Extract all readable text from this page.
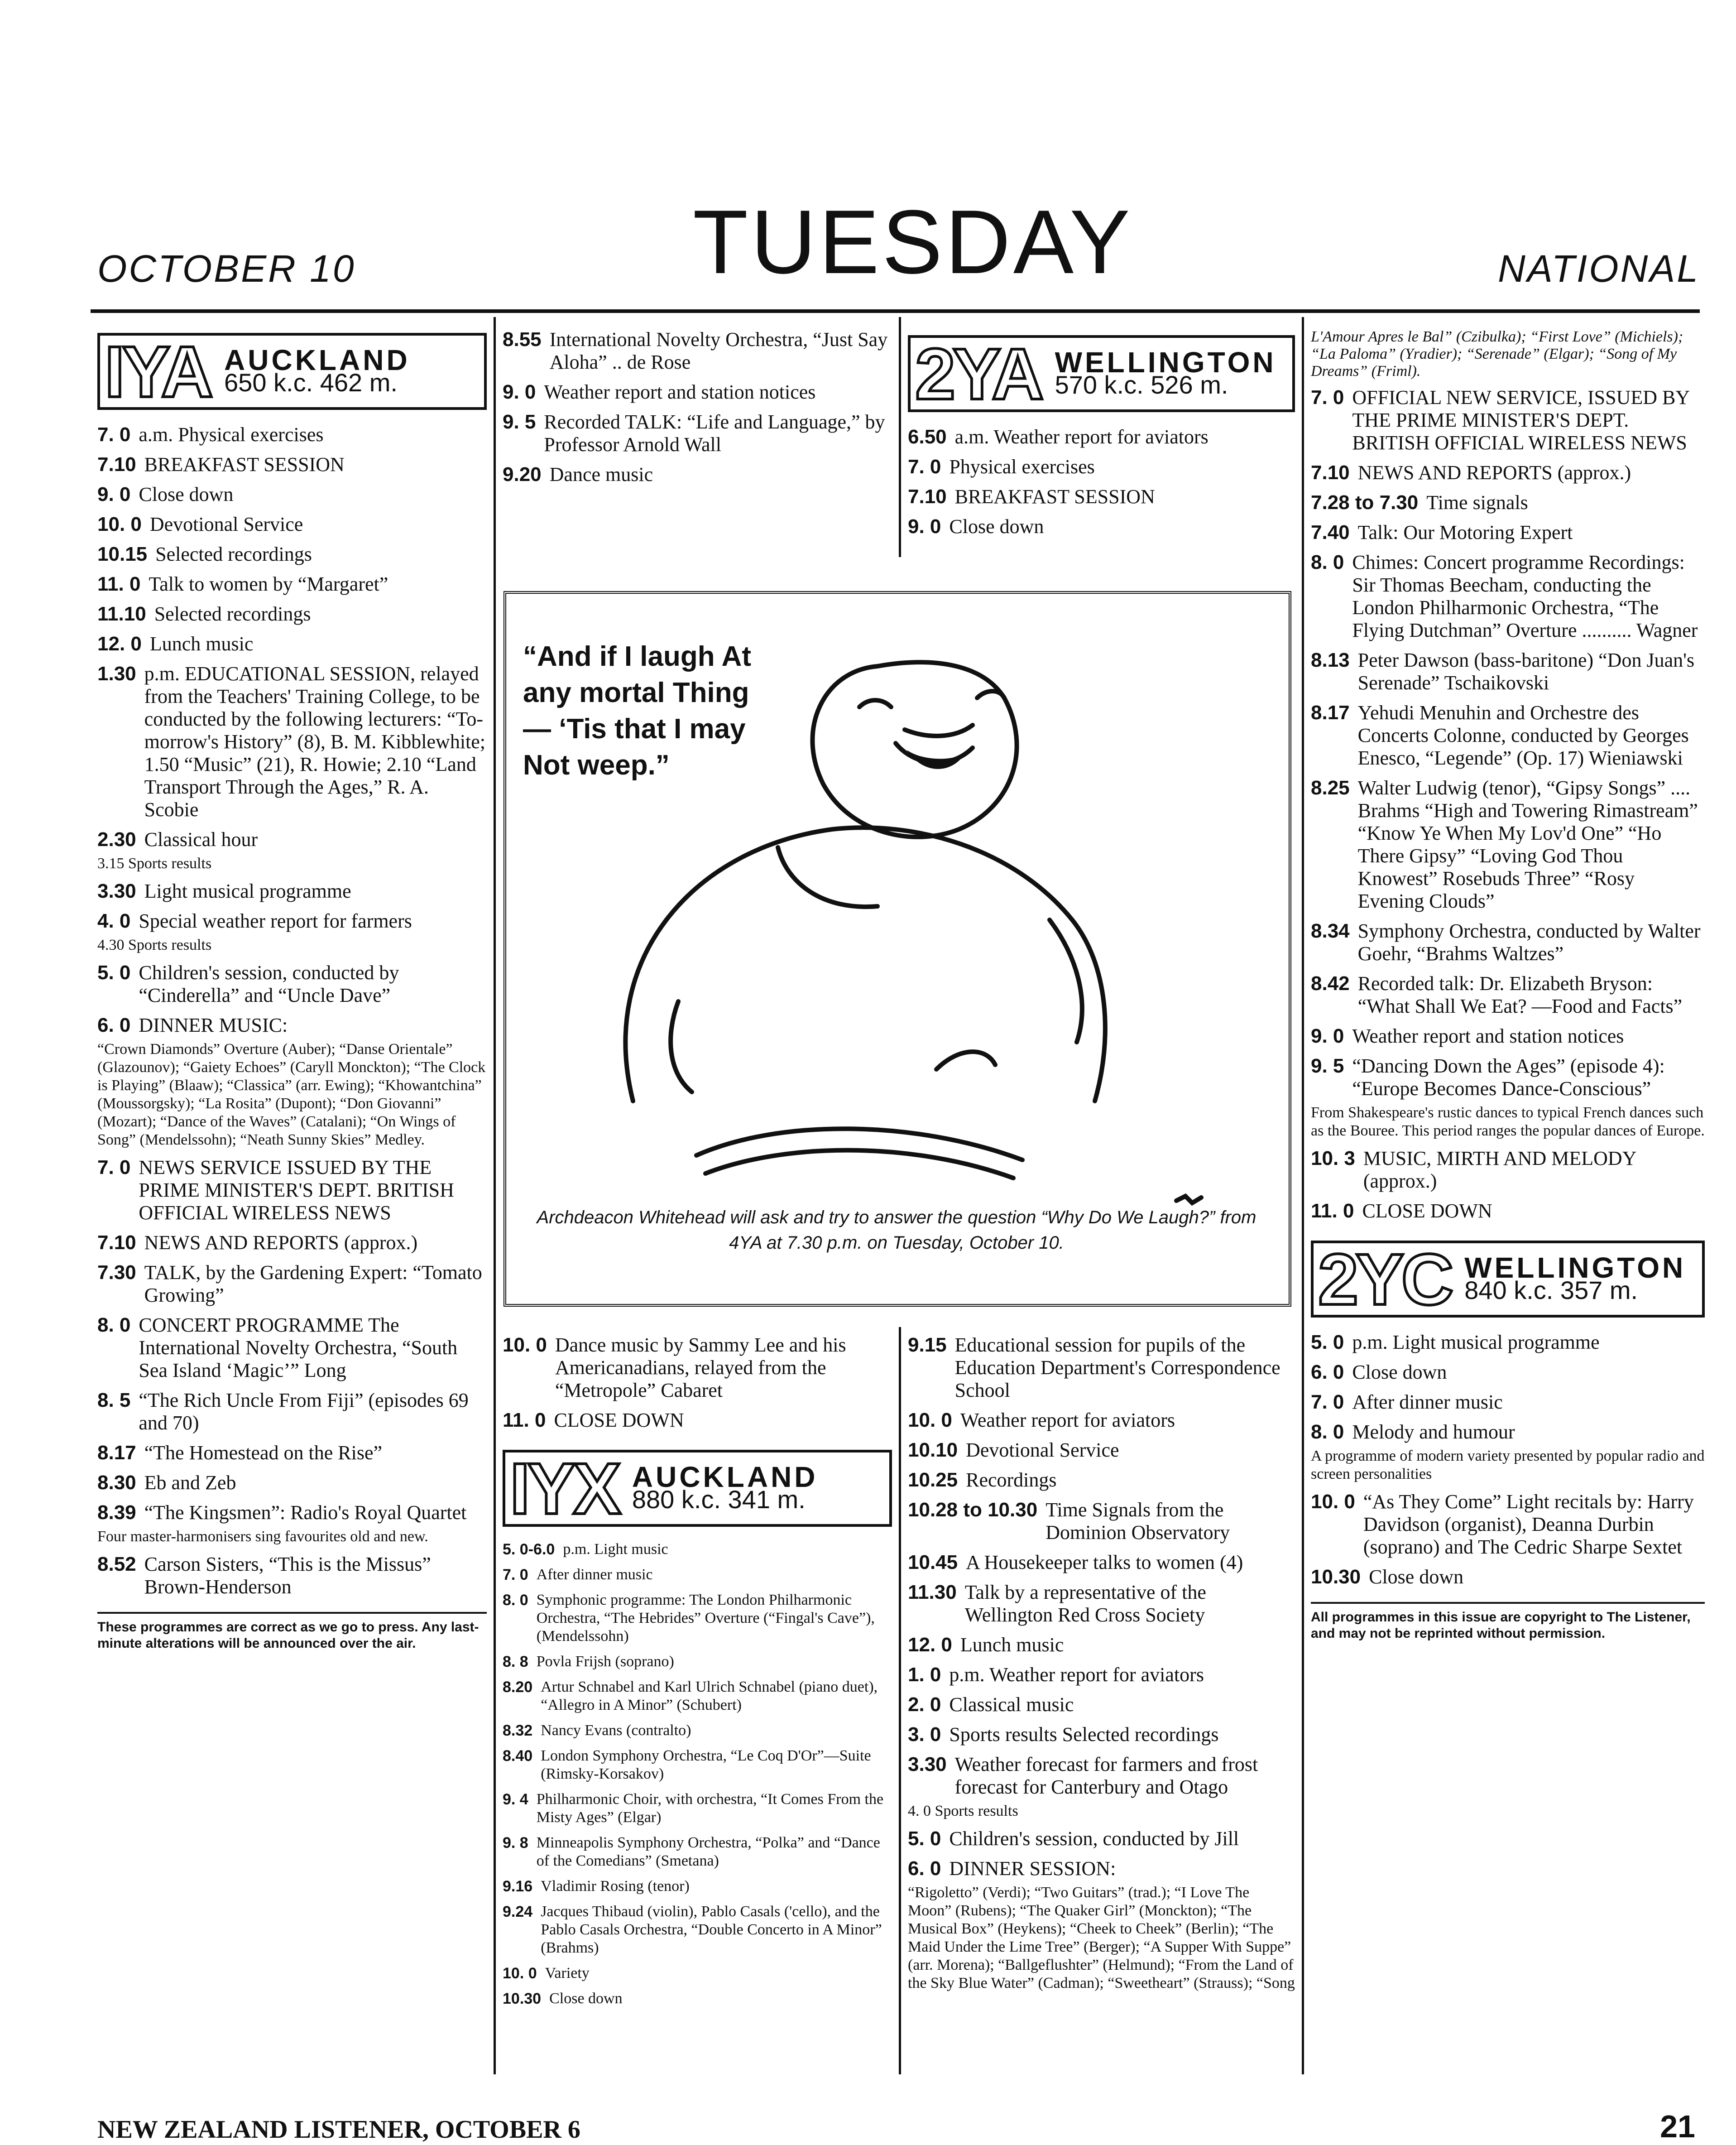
OCTOBER 10	TUESDAY	NATIONAL
IYA AUCKLAND
650 k.c. 462 m.
7. 0 a.m. Physical exercises
7.10 BREAKFAST SESSION
9. 0 Close down
10. 0 Devotional Service
10.15 Selected recordings
11. 0 Talk to women by “Margaret”
11.10 Selected recordings
12. 0 Lunch music
1.30 p.m. EDUCATIONAL SESSION, relayed from the Teachers' Training College, to be conducted by the following lecturers: “To-morrow's History” (8), B. M. Kibblewhite; 1.50 “Music” (21), R. Howie; 2.10 “Land Transport Through the Ages,” R. A. Scobie
2.30 Classical hour
3.15 Sports results
3.30 Light musical programme
4. 0 Special weather report for farmers
4.30 Sports results
5. 0 Children's session, conducted by “Cinderella” and “Uncle Dave”
6. 0 DINNER MUSIC:
“Crown Diamonds” Overture (Auber); “Danse Orientale” (Glazounov); “Gaiety Echoes” (Caryll Monckton); “The Clock is Playing” (Blaaw); “Classica” (arr. Ewing); “Khowantchina” (Moussorgsky); “La Rosita” (Dupont); “Don Giovanni” (Mozart); “Dance of the Waves” (Catalani); “On Wings of Song” (Mendelssohn); “Neath Sunny Skies” Medley.
7. 0 NEWS SERVICE ISSUED BY THE PRIME MINISTER'S DEPT. BRITISH OFFICIAL WIRELESS NEWS
7.10 NEWS AND REPORTS (approx.)
7.30 TALK, by the Gardening Expert: “Tomato Growing”
8. 0 CONCERT PROGRAMME The International Novelty Orchestra, “South Sea Island ‘Magic’” Long
8. 5 “The Rich Uncle From Fiji” (episodes 69 and 70)
8.17 “The Homestead on the Rise”
8.30 Eb and Zeb
8.39 “The Kingsmen”: Radio's Royal Quartet
Four master-harmonisers sing favourites old and new.
8.52 Carson Sisters, “This is the Missus” Brown-Henderson
These programmes are correct as we go to press. Any last-minute alterations will be announced over the air.
8.55 International Novelty Orchestra, “Just Say Aloha” .. de Rose
9. 0 Weather report and station notices
9. 5 Recorded TALK: “Life and Language,” by Professor Arnold Wall
9.20 Dance music
2YA WELLINGTON
570 k.c. 526 m.
6.50 a.m. Weather report for aviators
7. 0 Physical exercises
7.10 BREAKFAST SESSION
9. 0 Close down
“And if I laugh At any mortal Thing — ‘Tis that I may Not weep.”
Archdeacon Whitehead will ask and try to answer the question “Why Do We Laugh?” from 4YA at 7.30 p.m. on Tuesday, October 10.
10. 0 Dance music by Sammy Lee and his Americanadians, relayed from the “Metropole” Cabaret
11. 0 CLOSE DOWN
IYX AUCKLAND
880 k.c. 341 m.
5. 0-6.0 p.m. Light music
7. 0 After dinner music
8. 0 Symphonic programme: The London Philharmonic Orchestra, “The Hebrides” Overture (“Fingal's Cave”), (Mendelssohn)
8. 8 Povla Frijsh (soprano)
8.20 Artur Schnabel and Karl Ulrich Schnabel (piano duet), “Allegro in A Minor” (Schubert)
8.32 Nancy Evans (contralto)
8.40 London Symphony Orchestra, “Le Coq D'Or”—Suite (Rimsky-Korsakov)
9. 4 Philharmonic Choir, with orchestra, “It Comes From the Misty Ages” (Elgar)
9. 8 Minneapolis Symphony Orchestra, “Polka” and “Dance of the Comedians” (Smetana)
9.16 Vladimir Rosing (tenor)
9.24 Jacques Thibaud (violin), Pablo Casals ('cello), and the Pablo Casals Orchestra, “Double Concerto in A Minor” (Brahms)
10. 0 Variety
10.30 Close down
9.15 Educational session for pupils of the Education Department's Correspondence School
10. 0 Weather report for aviators
10.10 Devotional Service
10.25 Recordings
10.28 to 10.30 Time Signals from the Dominion Observatory
10.45 A Housekeeper talks to women (4)
11.30 Talk by a representative of the Wellington Red Cross Society
12. 0 Lunch music
1. 0 p.m. Weather report for aviators
2. 0 Classical music
3. 0 Sports results Selected recordings
3.30 Weather forecast for farmers and frost forecast for Canterbury and Otago
4. 0 Sports results
5. 0 Children's session, conducted by Jill
6. 0 DINNER SESSION:
“Rigoletto” (Verdi); “Two Guitars” (trad.); “I Love The Moon” (Rubens); “The Quaker Girl” (Monckton); “The Musical Box” (Heykens); “Cheek to Cheek” (Berlin); “The Maid Under the Lime Tree” (Berger); “A Supper With Suppe” (arr. Morena); “Ballgeflushter” (Helmund); “From the Land of the Sky Blue Water” (Cadman); “Sweetheart” (Strauss); “Song
L'Amour Apres le Bal” (Czibulka); “First Love” (Michiels); “La Paloma” (Yradier); “Serenade” (Elgar); “Song of My Dreams” (Friml).
7. 0 OFFICIAL NEW SERVICE, ISSUED BY THE PRIME MINISTER'S DEPT. BRITISH OFFICIAL WIRELESS NEWS
7.10 NEWS AND REPORTS (approx.)
7.28 to 7.30 Time signals
7.40 Talk: Our Motoring Expert
8. 0 Chimes: Concert programme Recordings: Sir Thomas Beecham, conducting the London Philharmonic Orchestra, “The Flying Dutchman” Overture .......... Wagner
8.13 Peter Dawson (bass-baritone) “Don Juan's Serenade” Tschaikovski
8.17 Yehudi Menuhin and Orchestre des Concerts Colonne, conducted by Georges Enesco, “Legende” (Op. 17) Wieniawski
8.25 Walter Ludwig (tenor), “Gipsy Songs” .... Brahms “High and Towering Rimastream” “Know Ye When My Lov'd One” “Ho There Gipsy” “Loving God Thou Knowest” Rosebuds Three” “Rosy Evening Clouds”
8.34 Symphony Orchestra, conducted by Walter Goehr, “Brahms Waltzes”
8.42 Recorded talk: Dr. Elizabeth Bryson: “What Shall We Eat? —Food and Facts”
9. 0 Weather report and station notices
9. 5 “Dancing Down the Ages” (episode 4): “Europe Becomes Dance-Conscious”
From Shakespeare's rustic dances to typical French dances such as the Bouree. This period ranges the popular dances of Europe.
10. 3 MUSIC, MIRTH AND MELODY (approx.)
11. 0 CLOSE DOWN
2YC WELLINGTON
840 k.c. 357 m.
5. 0 p.m. Light musical programme
6. 0 Close down
7. 0 After dinner music
8. 0 Melody and humour
A programme of modern variety presented by popular radio and screen personalities
10. 0 “As They Come” Light recitals by: Harry Davidson (organist), Deanna Durbin (soprano) and The Cedric Sharpe Sextet
10.30 Close down
All programmes in this issue are copyright to The Listener, and may not be reprinted without permission.
NEW ZEALAND LISTENER, OCTOBER 6	21
